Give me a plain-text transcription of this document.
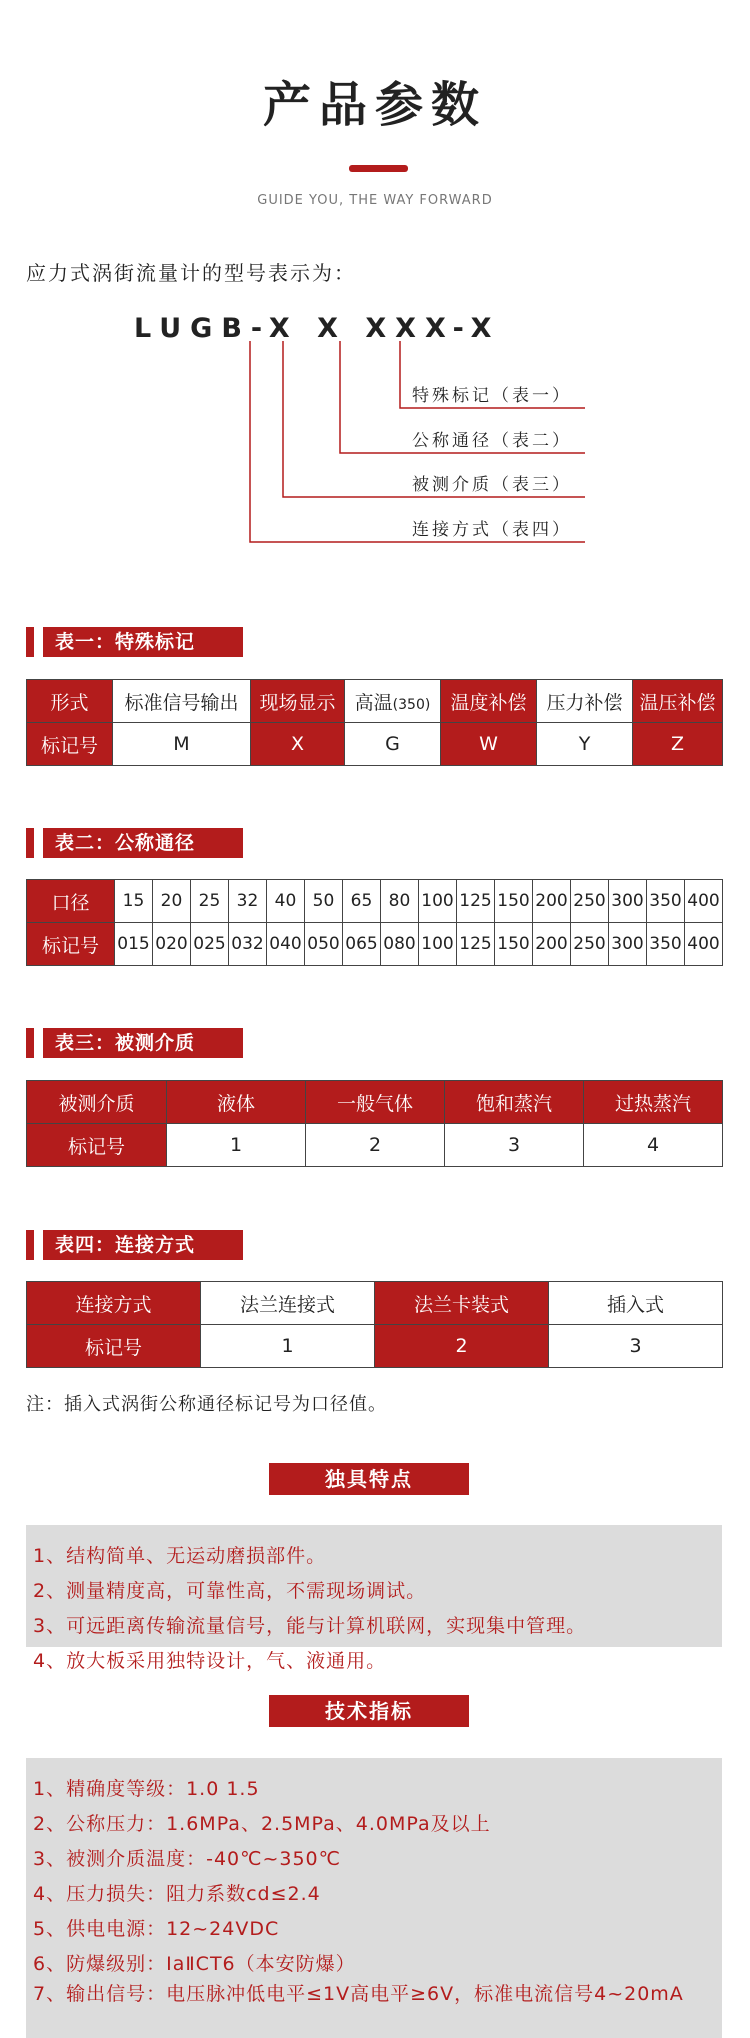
产品参数
GUIDE YOU, THE WAY FORWARD
应力式涡街流量计的型号表示为：
LUGB-X X XXX-X
特殊标记（表一）
公称通径（表二）
被测介质（表三）
连接方式（表四）
表一：特殊标记
形式	标准信号输出	现场显示	高温(350)	温度补偿	压力补偿	温压补偿
标记号	M	X	G	W	Y	Z
表二：公称通径
口径	15	20	25	32	40	50	65	80	100	125	150	200	250	300	350	400
标记号	015	020	025	032	040	050	065	080	100	125	150	200	250	300	350	400
表三：被测介质
被测介质	液体	一般气体	饱和蒸汽	过热蒸汽
标记号	1	2	3	4
表四：连接方式
连接方式	法兰连接式	法兰卡装式	插入式
标记号	1	2	3
注：插入式涡街公称通径标记号为口径值。
独具特点
1、结构简单、无运动磨损部件。
2、测量精度高，可靠性高，不需现场调试。
3、可远距离传输流量信号，能与计算机联网，实现集中管理。
4、放大板采用独特设计，气、液通用。
技术指标
1、精确度等级：1.0 1.5
2、公称压力：1.6MPa、2.5MPa、4.0MPa及以上
3、被测介质温度：-40℃~350℃
4、压力损失：阻力系数cd≤2.4
5、供电电源：12~24VDC
6、防爆级别：IaⅡCT6（本安防爆）
7、输出信号：电压脉冲低电平≤1V高电平≥6V，标准电流信号4~20mA
